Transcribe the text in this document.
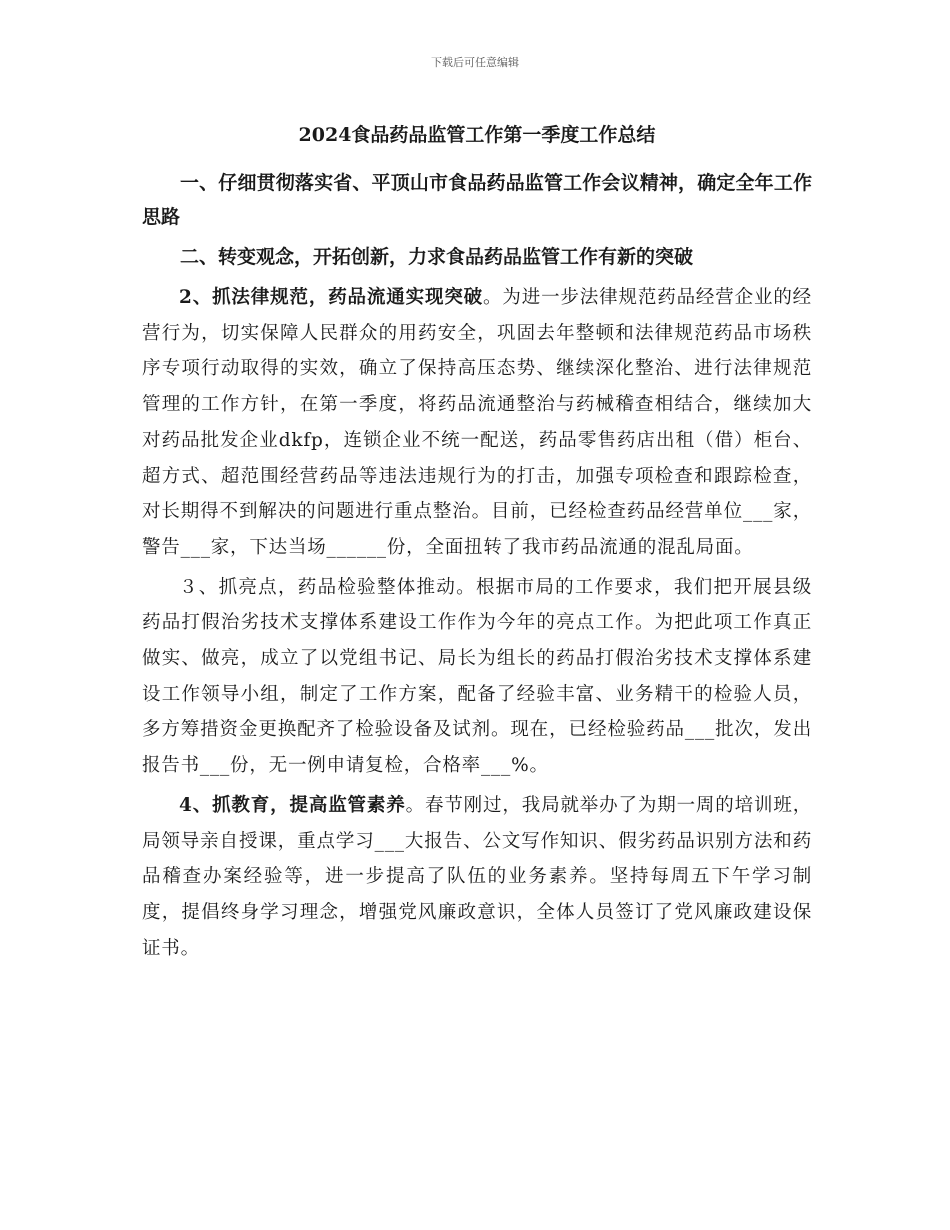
下载后可任意编辑
2024食品药品监管工作第一季度工作总结

一、仔细贯彻落实省、平顶山市食品药品监管工作会议精神，确定全年工作思路

二、转变观念，开拓创新，力求食品药品监管工作有新的突破

2、抓法律规范，药品流通实现突破。为进一步法律规范药品经营企业的经营行为，切实保障人民群众的用药安全，巩固去年整顿和法律规范药品市场秩序专项行动取得的实效，确立了保持高压态势、继续深化整治、进行法律规范管理的工作方针，在第一季度，将药品流通整治与药械稽查相结合，继续加大对药品批发企业dkfp，连锁企业不统一配送，药品零售药店出租（借）柜台、超方式、超范围经营药品等违法违规行为的打击，加强专项检查和跟踪检查，对长期得不到解决的问题进行重点整治。目前，已经检查药品经营单位___家，警告___家，下达当场______份，全面扭转了我市药品流通的混乱局面。

３、抓亮点，药品检验整体推动。根据市局的工作要求，我们把开展县级药品打假治劣技术支撑体系建设工作作为今年的亮点工作。为把此项工作真正做实、做亮，成立了以党组书记、局长为组长的药品打假治劣技术支撑体系建设工作领导小组，制定了工作方案，配备了经验丰富、业务精干的检验人员，多方筹措资金更换配齐了检验设备及试剂。现在，已经检验药品___批次，发出报告书___份，无一例申请复检，合格率___%。

4、抓教育，提高监管素养。春节刚过，我局就举办了为期一周的培训班，局领导亲自授课，重点学习___大报告、公文写作知识、假劣药品识别方法和药品稽查办案经验等，进一步提高了队伍的业务素养。坚持每周五下午学习制度，提倡终身学习理念，增强党风廉政意识，全体人员签订了党风廉政建设保证书。
